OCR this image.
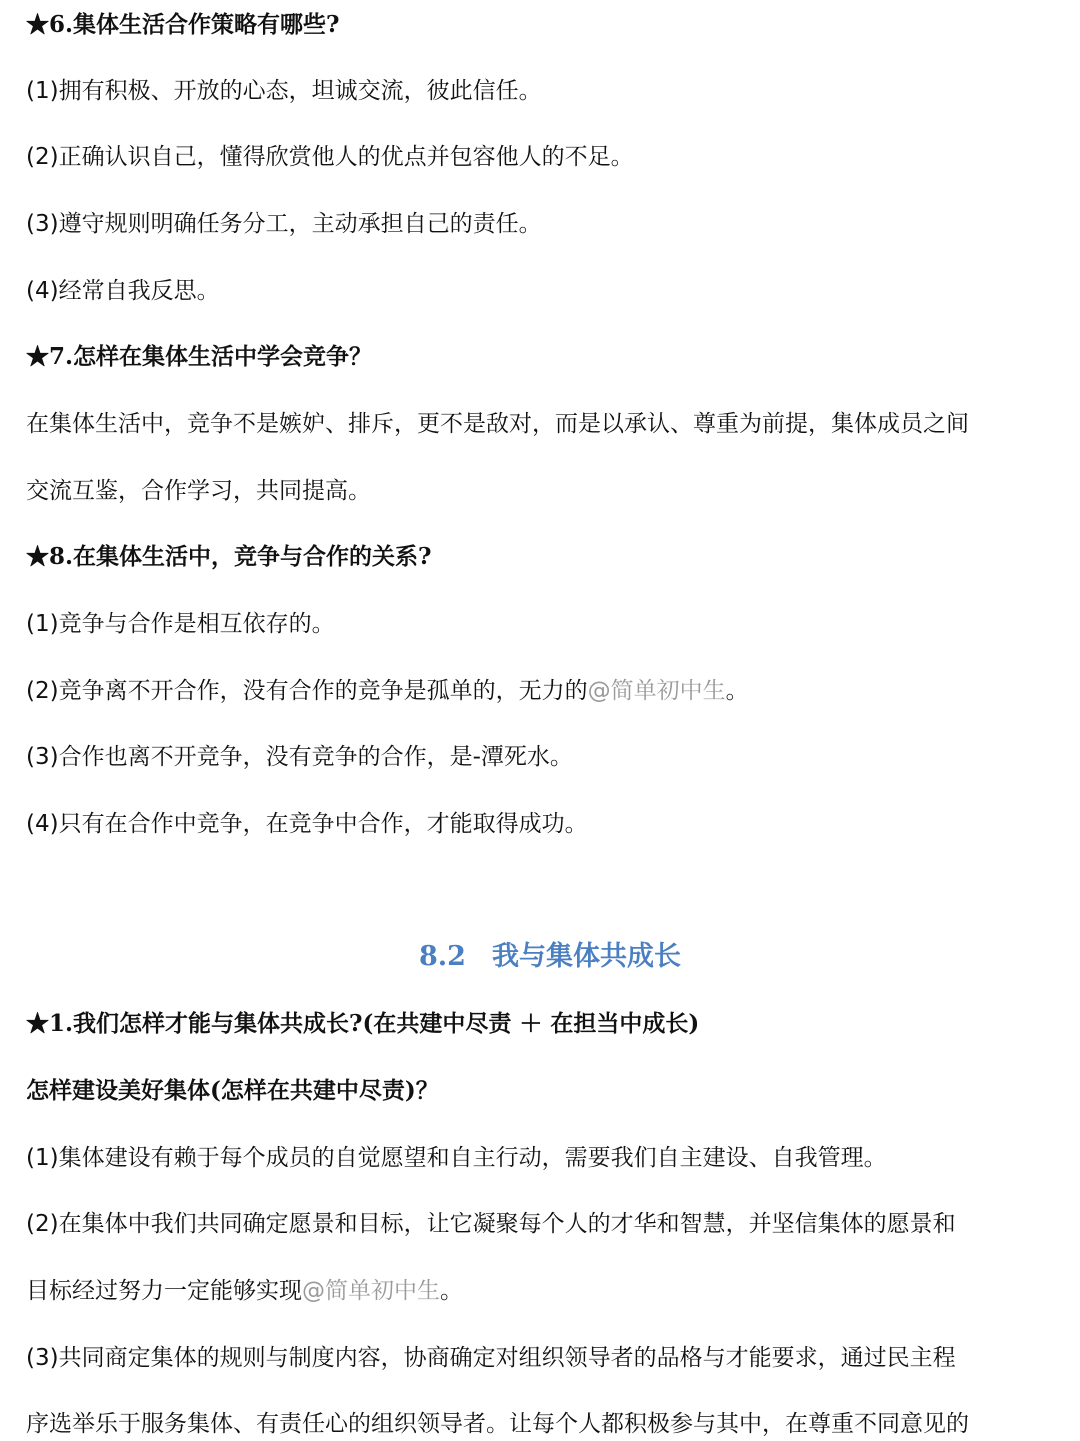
★6.集体生活合作策略有哪些?
(1)拥有积极、开放的心态，坦诚交流，彼此信任。
(2)正确认识自己，懂得欣赏他人的优点并包容他人的不足。
(3)遵守规则明确任务分工，主动承担自己的责任。
(4)经常自我反思。
★7.怎样在集体生活中学会竞争？
在集体生活中，竞争不是嫉妒、排斥，更不是敌对，而是以承认、尊重为前提，集体成员之间
交流互鉴，合作学习，共同提高。
★8.在集体生活中，竞争与合作的关系?
(1)竞争与合作是相互依存的。
(2)竞争离不开合作，没有合作的竞争是孤单的，无力的@简单初中生。
(3)合作也离不开竞争，没有竞争的合作，是-潭死水。
(4)只有在合作中竞争，在竞争中合作，才能取得成功。
8.2 我与集体共成长
★1.我们怎样才能与集体共成长?(在共建中尽责 ＋ 在担当中成长)
怎样建设美好集体(怎样在共建中尽责)？
(1)集体建设有赖于每个成员的自觉愿望和自主行动，需要我们自主建设、自我管理。
(2)在集体中我们共同确定愿景和目标，让它凝聚每个人的才华和智慧，并坚信集体的愿景和
目标经过努力一定能够实现@简单初中生。
(3)共同商定集体的规则与制度内容，协商确定对组织领导者的品格与才能要求，通过民主程
序选举乐于服务集体、有责任心的组织领导者。让每个人都积极参与其中，在尊重不同意见的
